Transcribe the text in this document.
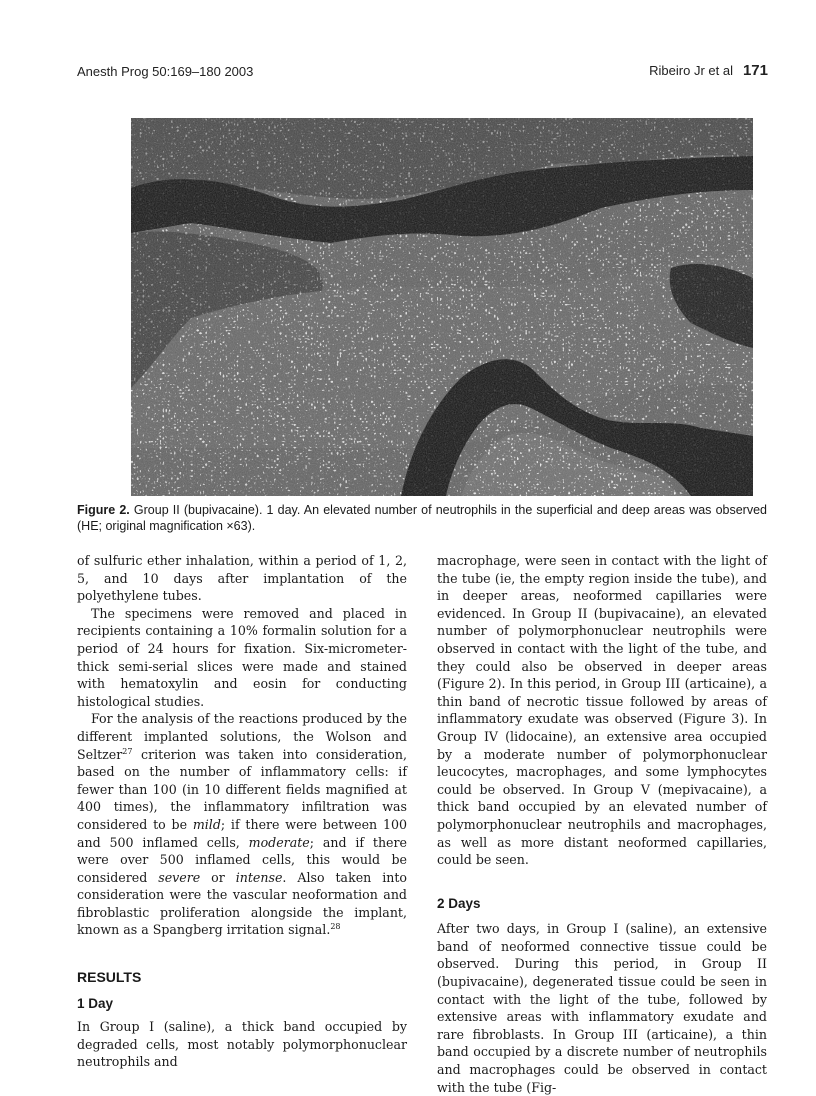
Anesth Prog 50:169–180 2003	Ribeiro Jr et al 171
Figure 2. Group II (bupivacaine). 1 day. An elevated number of neutrophils in the superficial and deep areas was observed (HE; original magnification ×63).

of sulfuric ether inhalation, within a period of 1, 2, 5, and 10 days after implantation of the polyethylene tubes.

The specimens were removed and placed in recipients containing a 10% formalin solution for a period of 24 hours for fixation. Six-micrometer-thick semi-serial slices were made and stained with hematoxylin and eosin for conducting histological studies.

For the analysis of the reactions produced by the different implanted solutions, the Wolson and Seltzer$^{27}$ criterion was taken into consideration, based on the number of inflammatory cells: if fewer than 100 (in 10 different fields magnified at 400 times), the inflammatory infiltration was considered to be mild; if there were between 100 and 500 inflamed cells, moderate; and if there were over 500 inflamed cells, this would be considered severe or intense. Also taken into consideration were the vascular neoformation and fibroblastic proliferation alongside the implant, known as a Spangberg irritation signal.$^{28}$

RESULTS

1 Day

In Group I (saline), a thick band occupied by degraded cells, most notably polymorphonuclear neutrophils and

macrophage, were seen in contact with the light of the tube (ie, the empty region inside the tube), and in deeper areas, neoformed capillaries were evidenced. In Group II (bupivacaine), an elevated number of polymorphonuclear neutrophils were observed in contact with the light of the tube, and they could also be observed in deeper areas (Figure 2). In this period, in Group III (articaine), a thin band of necrotic tissue followed by areas of inflammatory exudate was observed (Figure 3). In Group IV (lidocaine), an extensive area occupied by a moderate number of polymorphonuclear leucocytes, macrophages, and some lymphocytes could be observed. In Group V (mepivacaine), a thick band occupied by an elevated number of polymorphonuclear neutrophils and macrophages, as well as more distant neoformed capillaries, could be seen.

2 Days

After two days, in Group I (saline), an extensive band of neoformed connective tissue could be observed. During this period, in Group II (bupivacaine), degenerated tissue could be seen in contact with the light of the tube, followed by extensive areas with inflammatory exudate and rare fibroblasts. In Group III (articaine), a thin band occupied by a discrete number of neutrophils and macrophages could be observed in contact with the tube (Fig-
